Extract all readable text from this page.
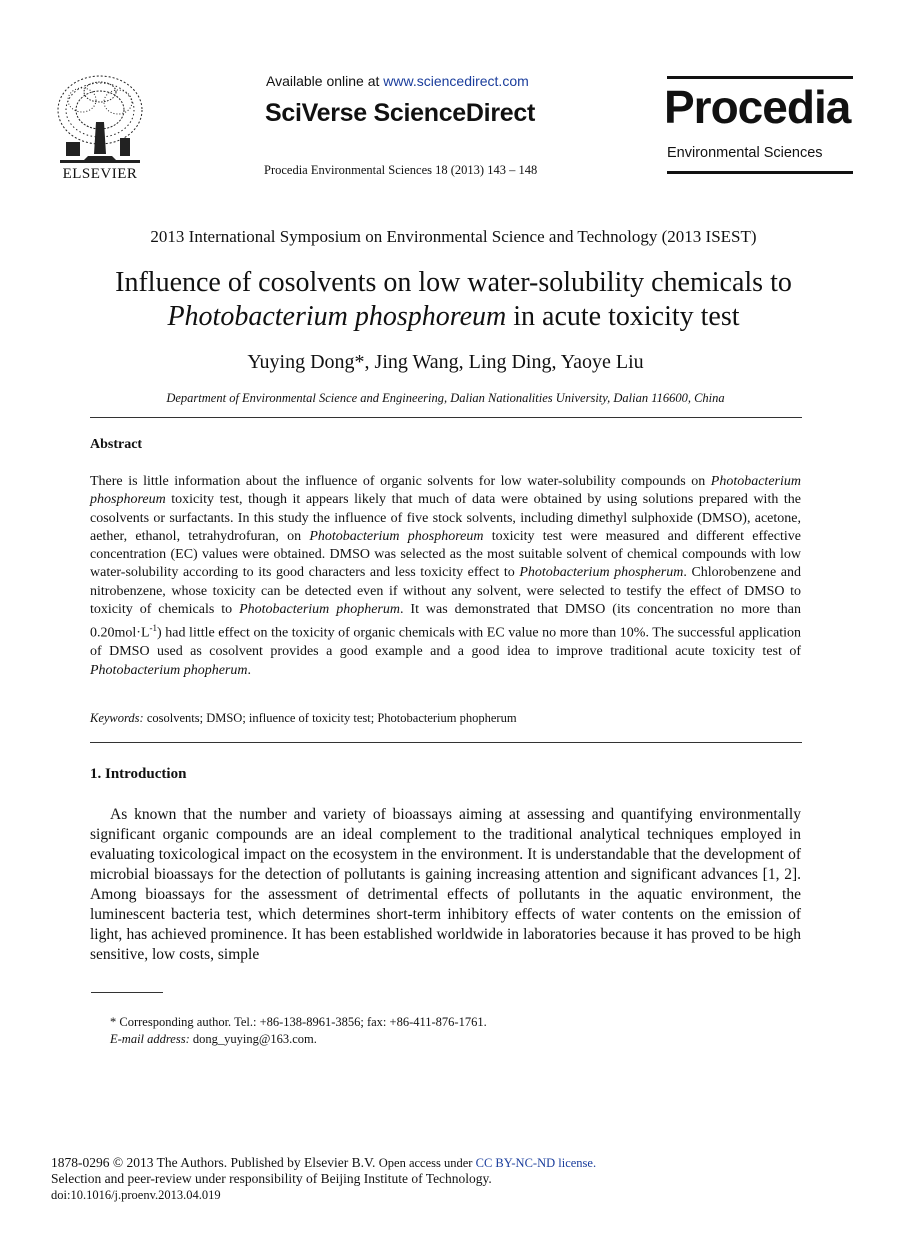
ELSEVIER
Available online at www.sciencedirect.com
SciVerse ScienceDirect
Procedia Environmental Sciences 18 (2013) 143 – 148
Procedia
Environmental Sciences
2013 International Symposium on Environmental Science and Technology (2013 ISEST)
Influence of cosolvents on low water-solubility chemicals to
Photobacterium phosphoreum in acute toxicity test
Yuying Dong*, Jing Wang, Ling Ding, Yaoye Liu
Department of Environmental Science and Engineering, Dalian Nationalities University, Dalian 116600, China
Abstract
There is little information about the influence of organic solvents for low water-solubility compounds on Photobacterium phosphoreum toxicity test, though it appears likely that much of data were obtained by using solutions prepared with the cosolvents or surfactants. In this study the influence of five stock solvents, including dimethyl sulphoxide (DMSO), acetone, aether, ethanol, tetrahydrofuran, on Photobacterium phosphoreum toxicity test were measured and different effective concentration (EC) values were obtained. DMSO was selected as the most suitable solvent of chemical compounds with low water-solubility according to its good characters and less toxicity effect to Photobacterium phospherum. Chlorobenzene and nitrobenzene, whose toxicity can be detected even if without any solvent, were selected to testify the effect of DMSO to toxicity of chemicals to Photobacterium phopherum. It was demonstrated that DMSO (its concentration no more than $0.20mol\cdot L^{-1}$) had little effect on the toxicity of organic chemicals with EC value no more than 10%. The successful application of DMSO used as cosolvent provides a good example and a good idea to improve traditional acute toxicity test of Photobacterium phopherum.
Keywords: cosolvents; DMSO; influence of toxicity test; Photobacterium phopherum
1. Introduction
As known that the number and variety of bioassays aiming at assessing and quantifying environmentally significant organic compounds are an ideal complement to the traditional analytical techniques employed in evaluating toxicological impact on the ecosystem in the environment. It is understandable that the development of microbial bioassays for the detection of pollutants is gaining increasing attention and significant advances [1, 2]. Among bioassays for the assessment of detrimental effects of pollutants in the aquatic environment, the luminescent bacteria test, which determines short-term inhibitory effects of water contents on the emission of light, has achieved prominence. It has been established worldwide in laboratories because it has proved to be high sensitive, low costs, simple
* Corresponding author. Tel.: +86-138-8961-3856; fax: +86-411-876-1761.
E-mail address: dong_yuying@163.com.
1878-0296 © 2013 The Authors. Published by Elsevier B.V. Open access under CC BY-NC-ND license.
Selection and peer-review under responsibility of Beijing Institute of Technology.
doi:10.1016/j.proenv.2013.04.019
